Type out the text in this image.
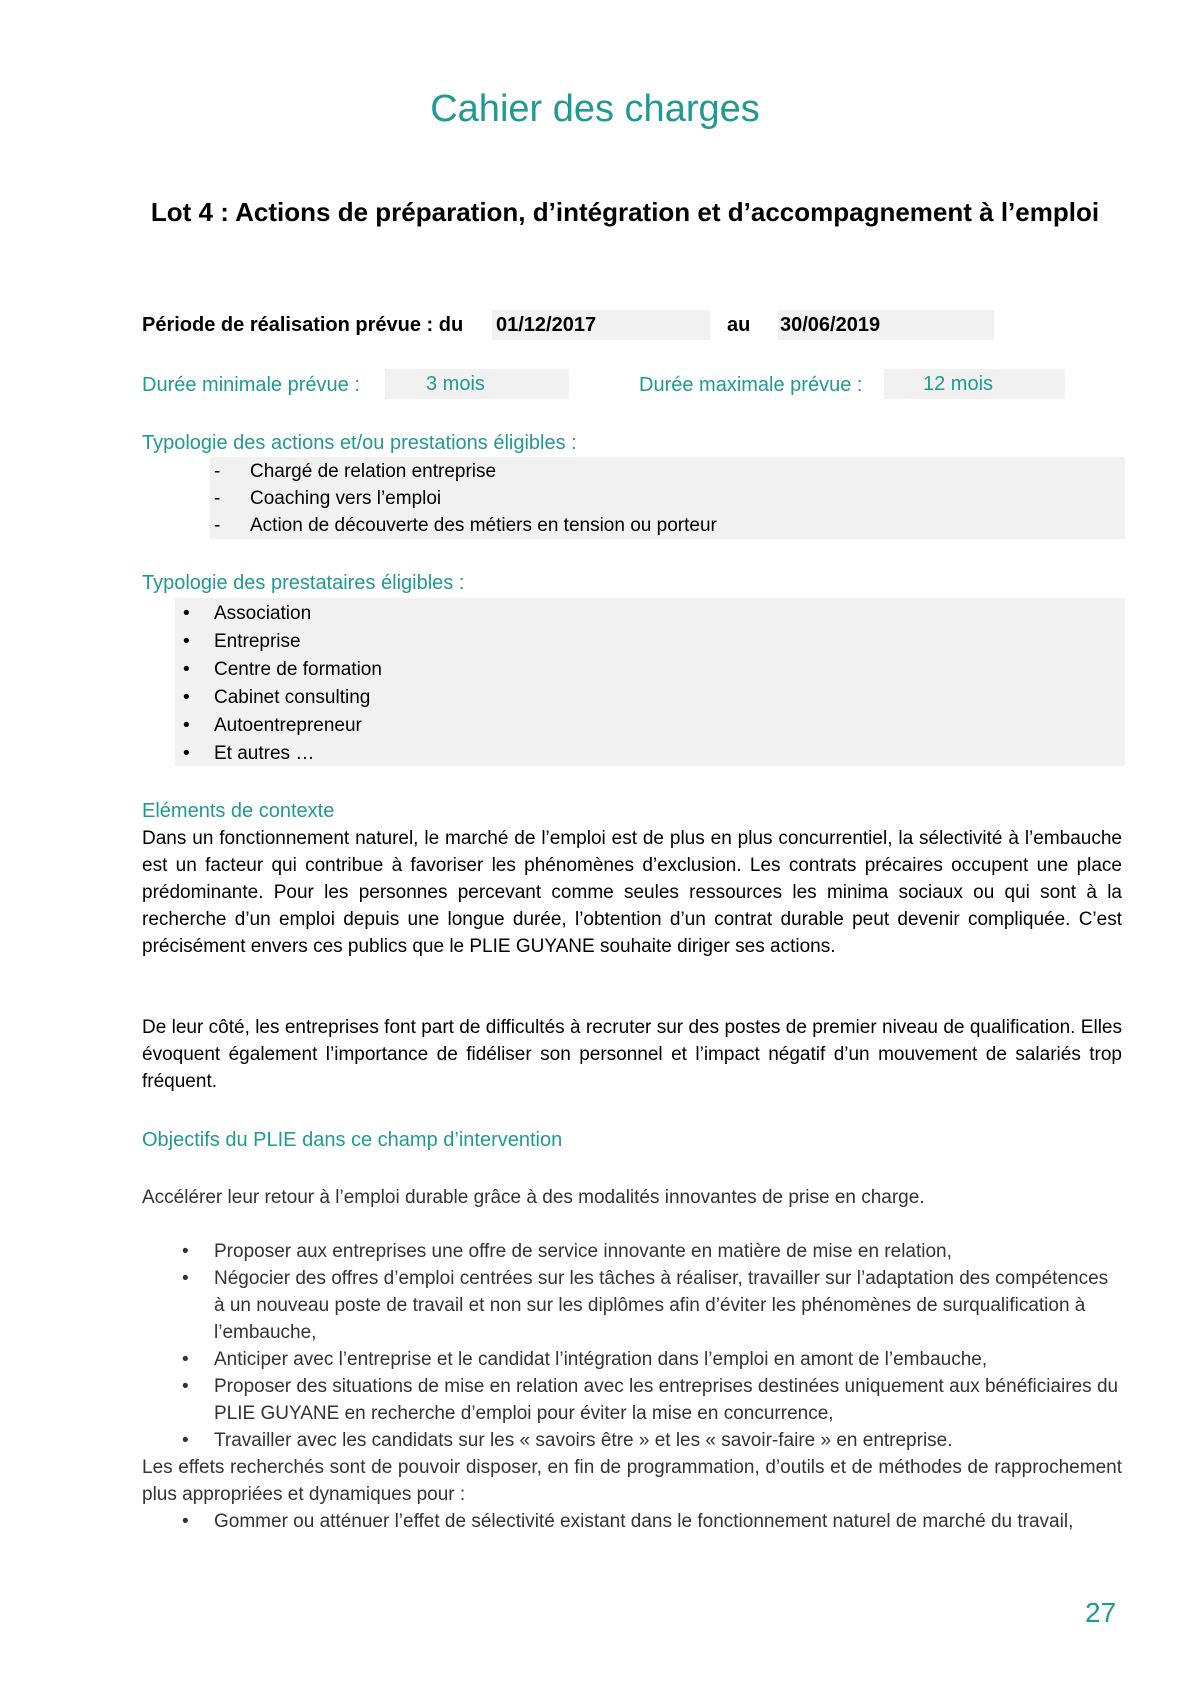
Cahier des charges
Lot 4 : Actions de préparation, d’intégration et d’accompagnement à l’emploi
Période de réalisation prévue : du 01/12/2017	au 30/06/2019
Durée minimale prévue :	3 mois	Durée maximale prévue :	12 mois
Typologie des actions et/ou prestations éligibles :
- Chargé de relation entreprise
- Coaching vers l’emploi
- Action de découverte des métiers en tension ou porteur
Typologie des prestataires éligibles :
• Association
• Entreprise
• Centre de formation
• Cabinet consulting
• Autoentrepreneur
• Et autres …
Eléments de contexte
Dans un fonctionnement naturel, le marché de l’emploi est de plus en plus concurrentiel, la sélectivité à l’embauche est un facteur qui contribue à favoriser les phénomènes d’exclusion. Les contrats précaires occupent une place prédominante. Pour les personnes percevant comme seules ressources les minima sociaux ou qui sont à la recherche d’un emploi depuis une longue durée, l’obtention d’un contrat durable peut devenir compliquée. C’est précisément envers ces publics que le PLIE GUYANE souhaite diriger ses actions.
De leur côté, les entreprises font part de difficultés à recruter sur des postes de premier niveau de qualification. Elles évoquent également l’importance de fidéliser son personnel et l’impact négatif d’un mouvement de salariés trop fréquent.
Objectifs du PLIE dans ce champ d’intervention
Accélérer leur retour à l’emploi durable grâce à des modalités innovantes de prise en charge.
• Proposer aux entreprises une offre de service innovante en matière de mise en relation,
• Négocier des offres d’emploi centrées sur les tâches à réaliser, travailler sur l’adaptation des compétences à un nouveau poste de travail et non sur les diplômes afin d’éviter les phénomènes de surqualification à l’embauche,
• Anticiper avec l’entreprise et le candidat l’intégration dans l’emploi en amont de l’embauche,
• Proposer des situations de mise en relation avec les entreprises destinées uniquement aux bénéficiaires du PLIE GUYANE en recherche d’emploi pour éviter la mise en concurrence,
• Travailler avec les candidats sur les « savoirs être » et les « savoir-faire » en entreprise.
Les effets recherchés sont de pouvoir disposer, en fin de programmation, d’outils et de méthodes de rapprochement plus appropriées et dynamiques pour :
• Gommer ou atténuer l’effet de sélectivité existant dans le fonctionnement naturel de marché du travail,
27
